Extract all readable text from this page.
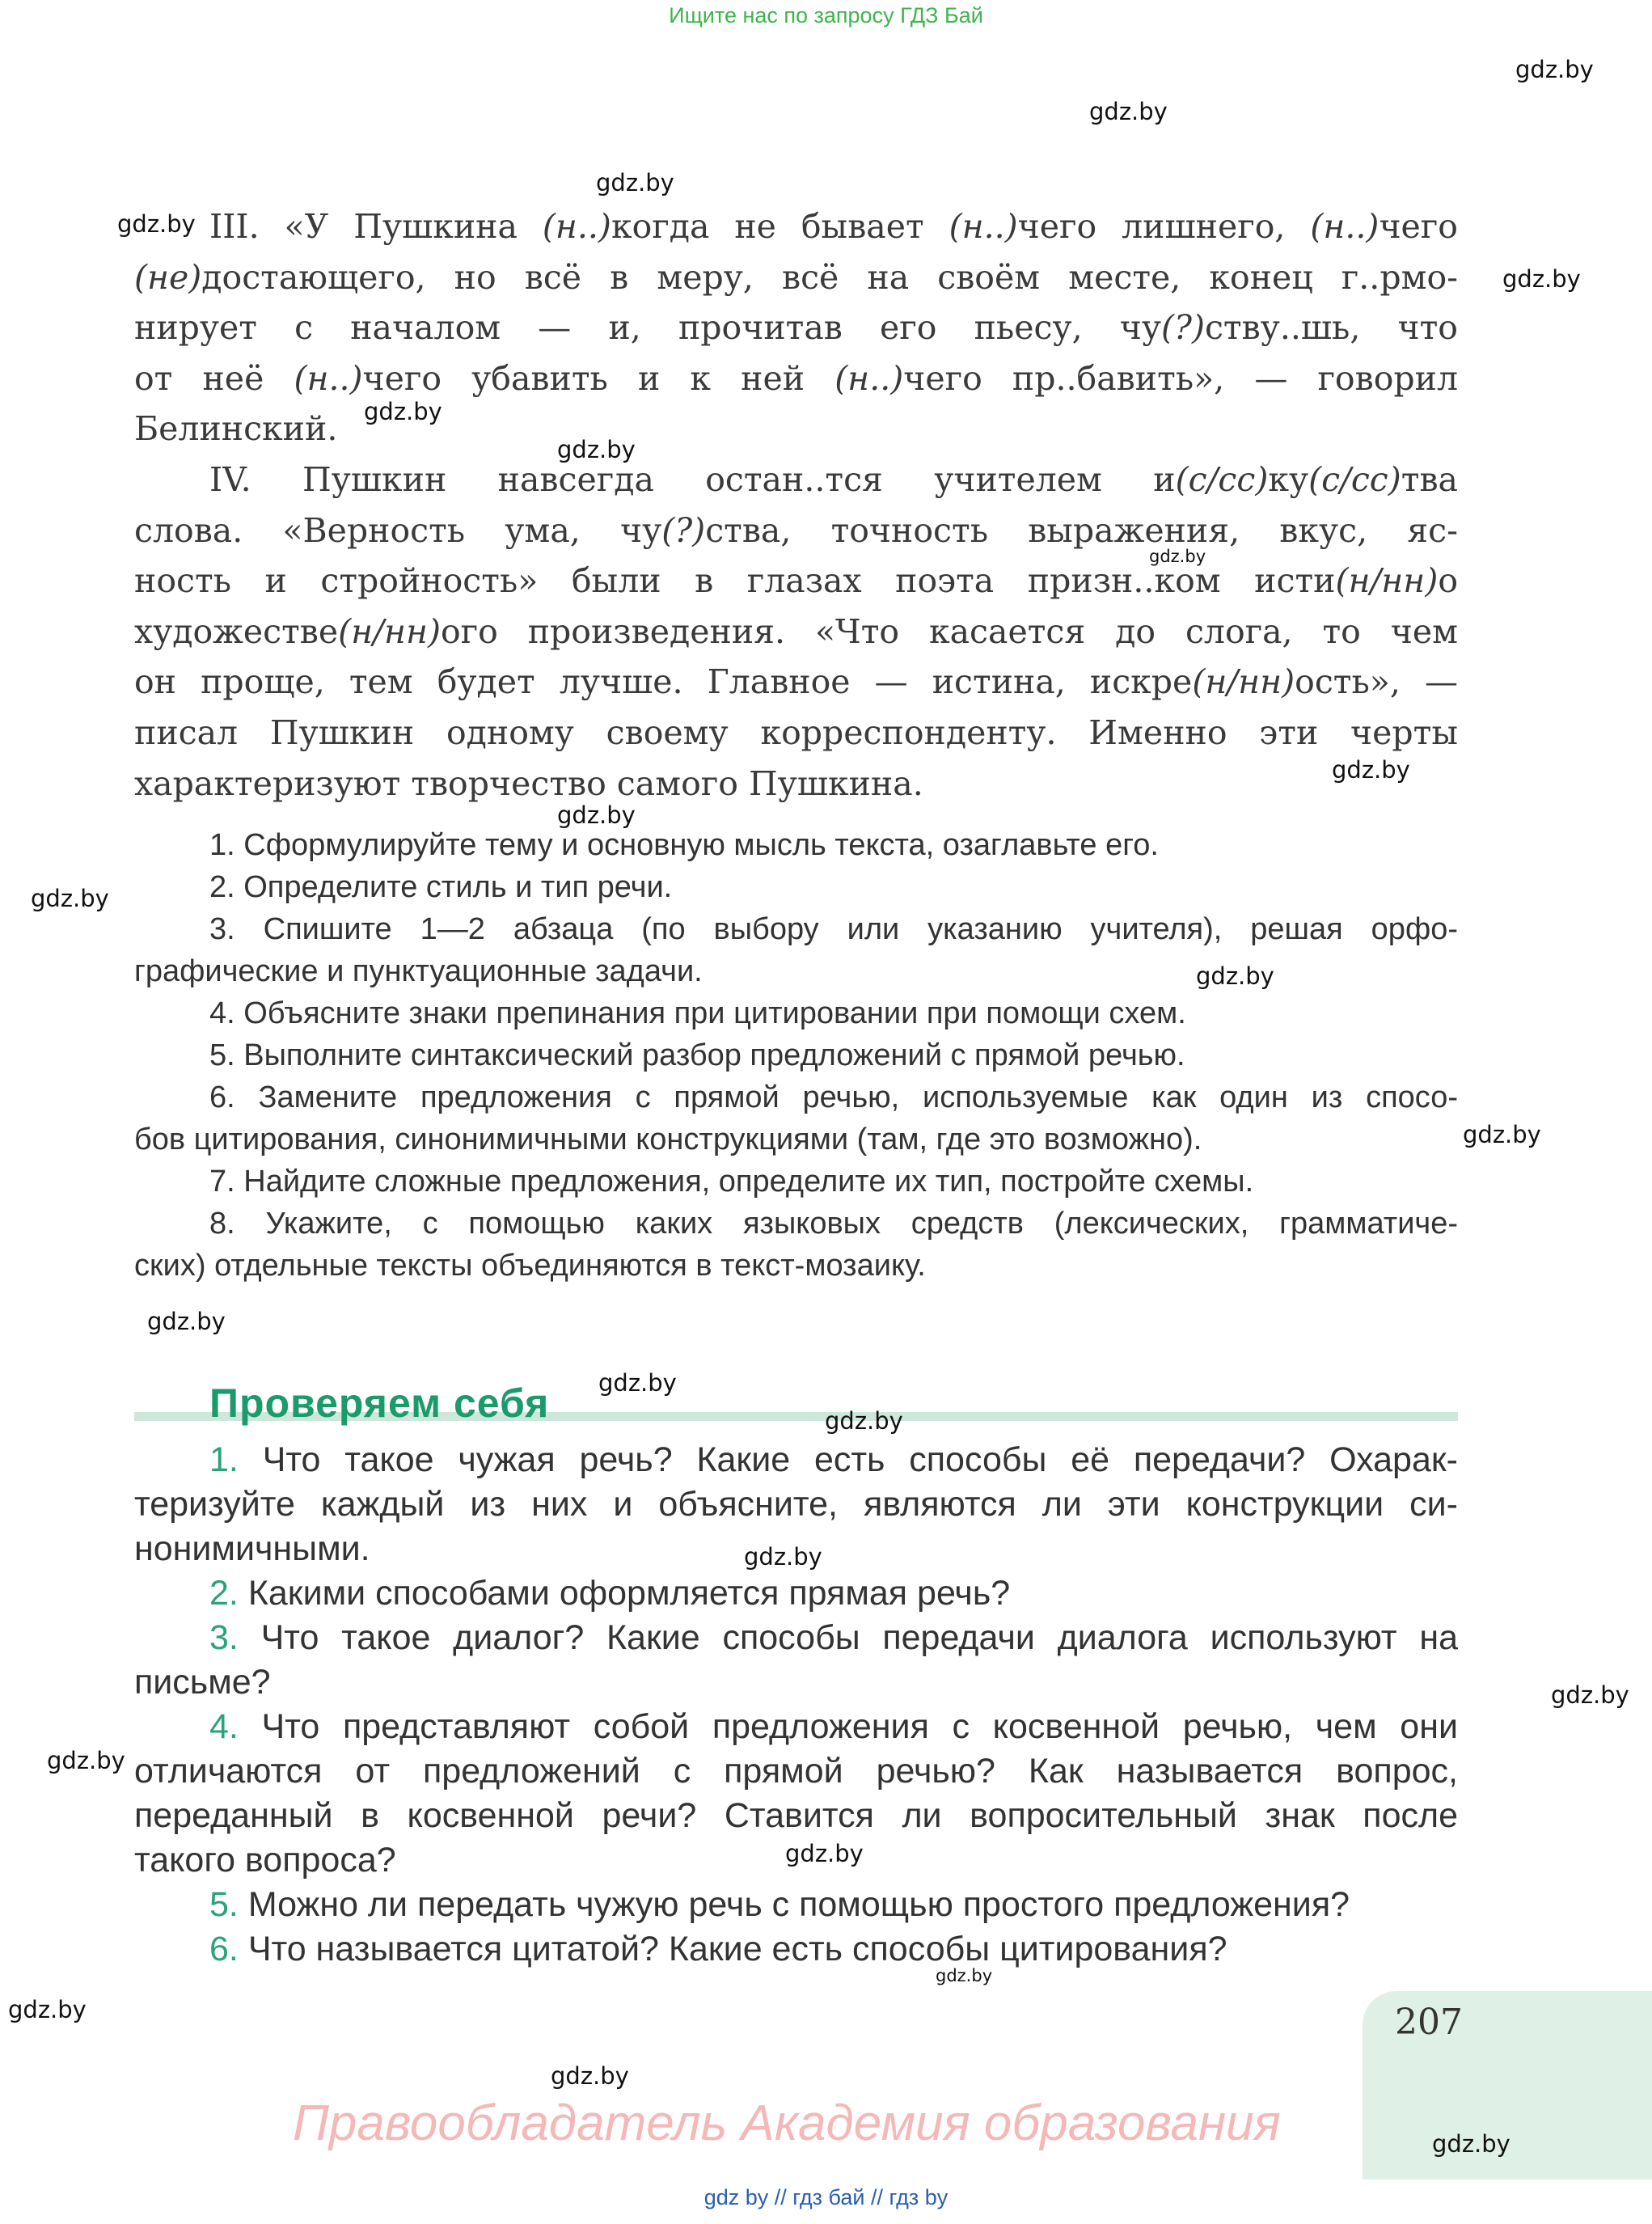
Ищите нас по запросу ГДЗ Бай
III. «У Пушкина (н..)когда не бывает (н..)чего лишнего, (н..)чего
(не)достающего, но всё в меру, всё на своём месте, конец г..рмо-
нирует с началом — и, прочитав его пьесу, чу(?)ству..шь, что
от неё (н..)чего убавить и к ней (н..)чего пр..бавить», — говорил
Белинский.
IV. Пушкин навсегда остан..тся учителем и(с/сс)ку(с/сс)тва
слова. «Верность ума, чу(?)ства, точность выражения, вкус, яс-
ность и стройность» были в глазах поэта призн..ком исти(н/нн)о
художестве(н/нн)ого произведения. «Что касается до слога, то чем
он проще, тем будет лучше. Главное — истина, искре(н/нн)ость», —
писал Пушкин одному своему корреспонденту. Именно эти черты
характеризуют творчество самого Пушкина.
1. Сформулируйте тему и основную мысль текста, озаглавьте его.
2. Определите стиль и тип речи.
3. Спишите 1—2 абзаца (по выбору или указанию учителя), решая орфо-
графические и пунктуационные задачи.
4. Объясните знаки препинания при цитировании при помощи схем.
5. Выполните синтаксический разбор предложений с прямой речью.
6. Замените предложения с прямой речью, используемые как один из спосо-
бов цитирования, синонимичными конструкциями (там, где это возможно).
7. Найдите сложные предложения, определите их тип, постройте схемы.
8. Укажите, с помощью каких языковых средств (лексических, грамматиче-
ских) отдельные тексты объединяются в текст-мозаику.
Проверяем себя
1. Что такое чужая речь? Какие есть способы её передачи? Охарак-
теризуйте каждый из них и объясните, являются ли эти конструкции си-
нонимичными.
2. Какими способами оформляется прямая речь?
3. Что такое диалог? Какие способы передачи диалога используют на
письме?
4. Что представляют собой предложения с косвенной речью, чем они
отличаются от предложений с прямой речью? Как называется вопрос,
переданный в косвенной речи? Ставится ли вопросительный знак после
такого вопроса?
5. Можно ли передать чужую речь с помощью простого предложения?
6. Что называется цитатой? Какие есть способы цитирования?
207
Правообладатель Академия образования
gdz by // гдз бай // гдз by
gdz.by
gdz.by
gdz.by
gdz.by
gdz.by
gdz.by
gdz.by
gdz.by
gdz.by
gdz.by
gdz.by
gdz.by
gdz.by
gdz.by
gdz.by
gdz.by
gdz.by
gdz.by
gdz.by
gdz.by
gdz.by
gdz.by
gdz.by
gdz.by
